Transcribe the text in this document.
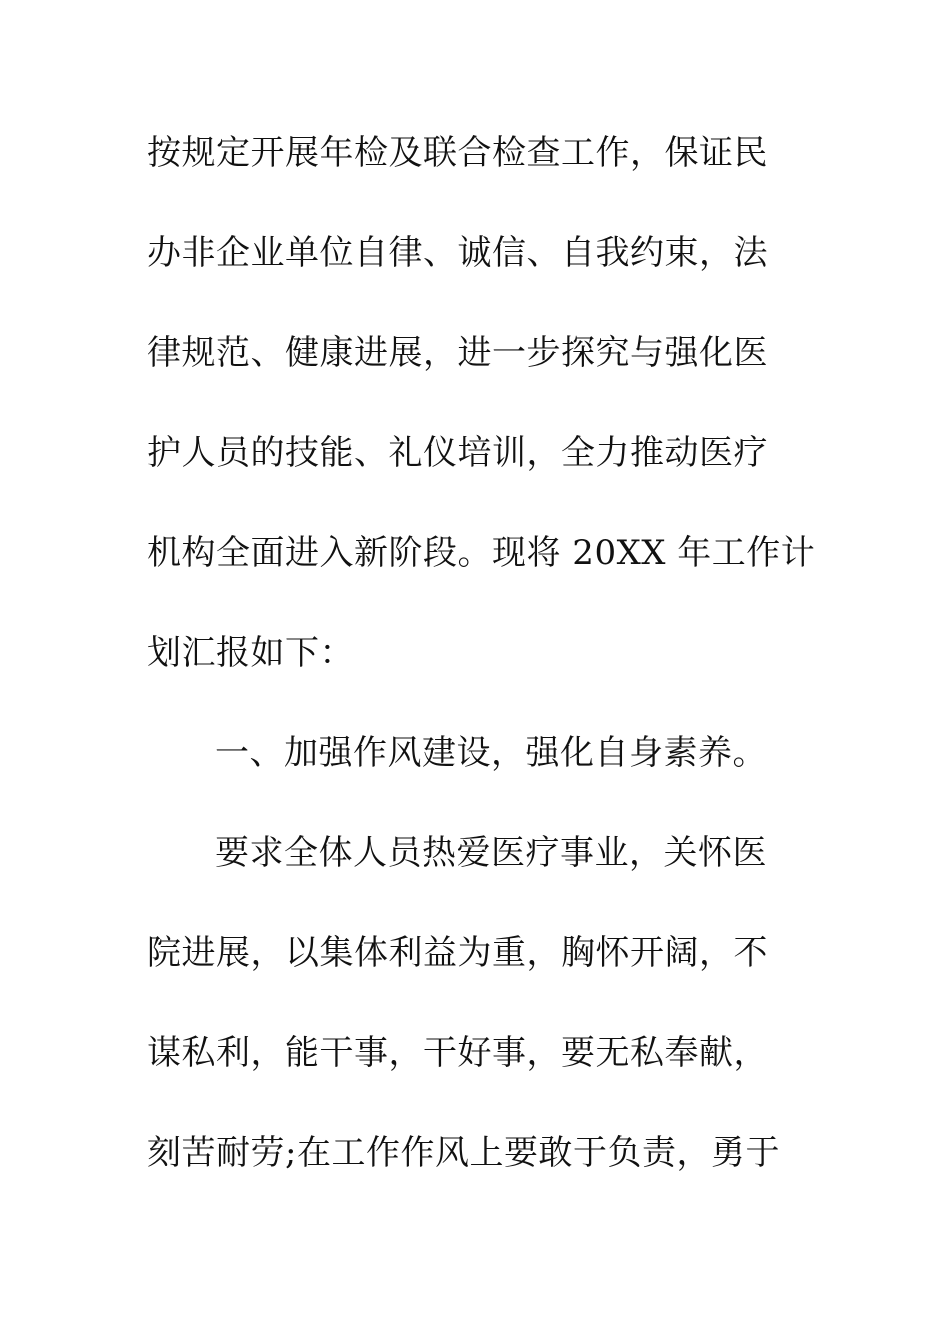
按规定开展年检及联合检查工作，保证民
办非企业单位自律、诚信、自我约束，法
律规范、健康进展，进一步探究与强化医
护人员的技能、礼仪培训，全力推动医疗
机构全面进入新阶段。现将 20XX 年工作计
划汇报如下：
一、加强作风建设，强化自身素养。
要求全体人员热爱医疗事业，关怀医
院进展，以集体利益为重，胸怀开阔，不
谋私利，能干事，干好事，要无私奉献，
刻苦耐劳;在工作作风上要敢于负责，勇于
